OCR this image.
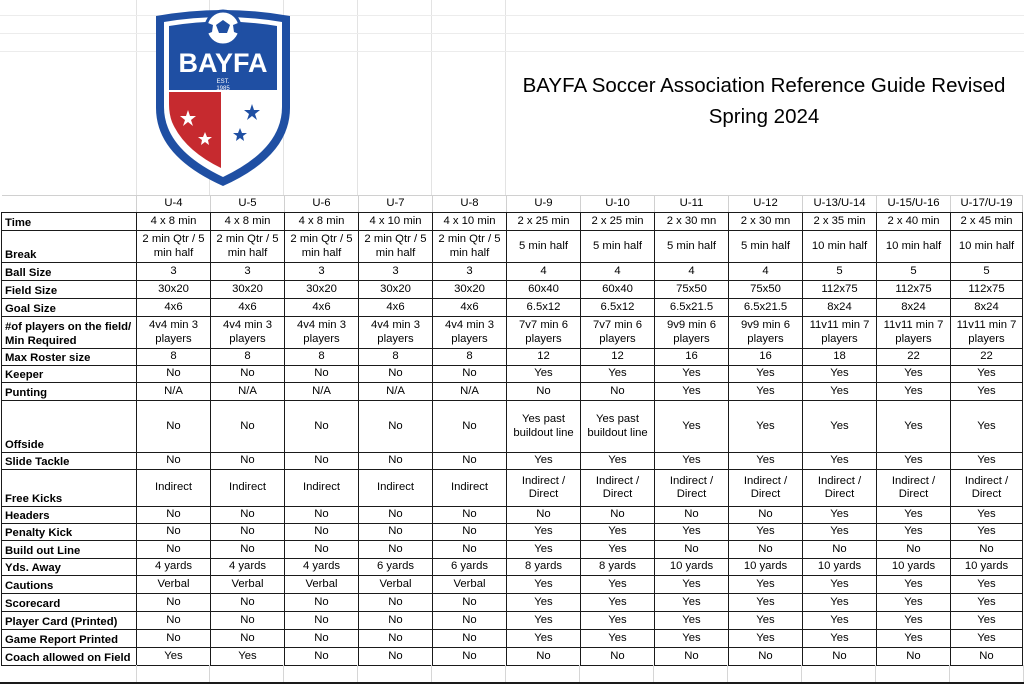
BAYFA
EST.
1985	BAYFA Soccer Association Reference Guide Revised
Spring 2024
	U-4	U-5	U-6	U-7	U-8	U-9	U-10	U-11	U-12	U-13/U-14	U-15/U-16	U-17/U-19
Time	4 x 8 min	4 x 8 min	4 x 8 min	4 x 10 min	4 x 10 min	2 x 25 min	2 x 25 min	2 x 30 mn	2 x 30 mn	2 x 35 min	2 x 40 min	2 x 45 min
Break	2 min Qtr / 5 min half	2 min Qtr / 5 min half	2 min Qtr / 5 min half	2 min Qtr / 5 min half	2 min Qtr / 5 min half	5 min half	5 min half	5 min half	5 min half	10 min half	10 min half	10 min half
Ball Size	3	3	3	3	3	4	4	4	4	5	5	5
Field Size	30x20	30x20	30x20	30x20	30x20	60x40	60x40	75x50	75x50	112x75	112x75	112x75
Goal Size	4x6	4x6	4x6	4x6	4x6	6.5x12	6.5x12	6.5x21.5	6.5x21.5	8x24	8x24	8x24
#of players on the field/ Min Required	4v4 min 3 players	4v4 min 3 players	4v4 min 3 players	4v4 min 3 players	4v4 min 3 players	7v7 min 6 players	7v7 min 6 players	9v9 min 6 players	9v9 min 6 players	11v11 min 7 players	11v11 min 7 players	11v11 min 7 players
Max Roster size	8	8	8	8	8	12	12	16	16	18	22	22
Keeper	No	No	No	No	No	Yes	Yes	Yes	Yes	Yes	Yes	Yes
Punting	N/A	N/A	N/A	N/A	N/A	No	No	Yes	Yes	Yes	Yes	Yes
Offside	No	No	No	No	No	Yes past buildout line	Yes past buildout line	Yes	Yes	Yes	Yes	Yes
Slide Tackle	No	No	No	No	No	Yes	Yes	Yes	Yes	Yes	Yes	Yes
Free Kicks	Indirect	Indirect	Indirect	Indirect	Indirect	Indirect / Direct	Indirect / Direct	Indirect / Direct	Indirect / Direct	Indirect / Direct	Indirect / Direct	Indirect / Direct
Headers	No	No	No	No	No	No	No	No	No	Yes	Yes	Yes
Penalty Kick	No	No	No	No	No	Yes	Yes	Yes	Yes	Yes	Yes	Yes
Build out Line	No	No	No	No	No	Yes	Yes	No	No	No	No	No
Yds. Away	4 yards	4 yards	4 yards	6 yards	6 yards	8 yards	8 yards	10 yards	10 yards	10 yards	10 yards	10 yards
Cautions	Verbal	Verbal	Verbal	Verbal	Verbal	Yes	Yes	Yes	Yes	Yes	Yes	Yes
Scorecard	No	No	No	No	No	Yes	Yes	Yes	Yes	Yes	Yes	Yes
Player Card (Printed)	No	No	No	No	No	Yes	Yes	Yes	Yes	Yes	Yes	Yes
Game Report Printed	No	No	No	No	No	Yes	Yes	Yes	Yes	Yes	Yes	Yes
Coach allowed on Field	Yes	Yes	No	No	No	No	No	No	No	No	No	No
